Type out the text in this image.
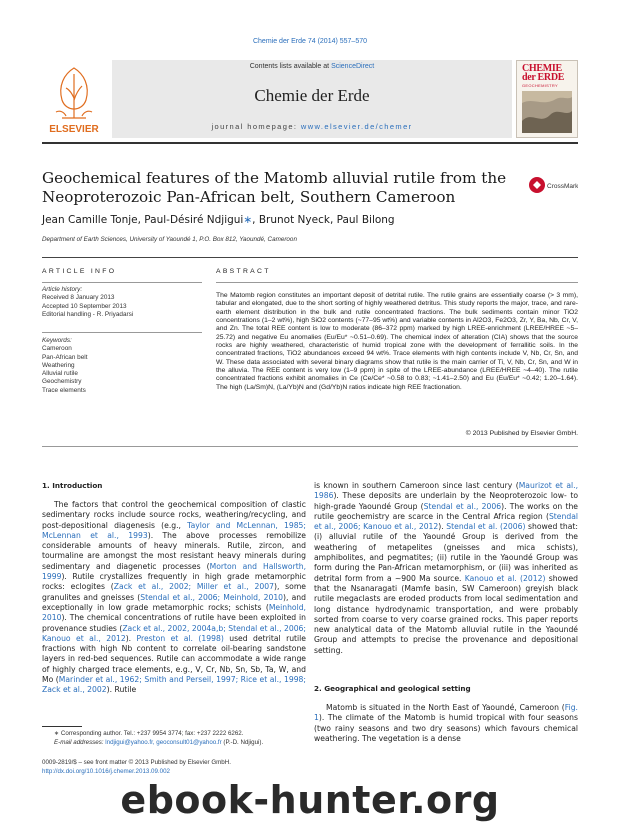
Chemie der Erde 74 (2014) 557–570
ELSEVIER
Contents lists available at ScienceDirect
Chemie der Erde
journal homepage: www.elsevier.de/chemer
CHEMIE
der ERDE
GEOCHEMISTRY
Geochemical features of the Matomb alluvial rutile from the Neoproterozoic Pan-African belt, Southern Cameroon
CrossMark
Jean Camille Tonje, Paul-Désiré Ndjigui∗, Brunot Nyeck, Paul Bilong
Department of Earth Sciences, University of Yaoundé 1, P.O. Box 812, Yaoundé, Cameroon
ARTICLE INFO
Article history:
Received 8 January 2013
Accepted 10 September 2013
Editorial handling - R. Priyadarsi
Keywords:
Cameroon
Pan-African belt
Weathering
Alluvial rutile
Geochemistry
Trace elements
ABSTRACT
The Matomb region constitutes an important deposit of detrital rutile. The rutile grains are essentially coarse (> 3 mm), tabular and elongated, due to the short sorting of highly weathered detritus. This study reports the major, trace, and rare-earth element distribution in the bulk and rutile concentrated fractions. The bulk sediments contain minor TiO2 concentrations (1–2 wt%), high SiO2 contents (~77–95 wt%) and variable contents in Al2O3, Fe2O3, Zr, Y, Ba, Nb, Cr, V, and Zn. The total REE content is low to moderate (86–372 ppm) marked by high LREE-enrichment (LREE/HREE ~5–25.72) and negative Eu anomalies (Eu/Eu* ~0.51–0.69). The chemical index of alteration (CIA) shows that the source rocks are highly weathered, characteristic of humid tropical zone with the development of ferrallitic soils. In the concentrated fractions, TiO2 abundances exceed 94 wt%. Trace elements with high contents include V, Nb, Cr, Sn, and W. These data associated with several binary diagrams show that rutile is the main carrier of Ti, V, Nb, Cr, Sn, and W in the alluvia. The REE content is very low (1–9 ppm) in spite of the LREE-abundance (LREE/HREE ~4–40). The rutile concentrated fractions exhibit anomalies in Ce (Ce/Ce* ~0.58 to 0.83; ~1.41–2.50) and Eu (Eu/Eu* ~0.42; 1.20–1.64). The high (La/Sm)N, (La/Yb)N and (Gd/Yb)N ratios indicate high REE fractionation.
© 2013 Published by Elsevier GmbH.
1. Introduction

The factors that control the geochemical composition of clastic sedimentary rocks include source rocks, weathering/recycling, and post-depositional diagenesis (e.g., Taylor and McLennan, 1985; McLennan et al., 1993). The above processes remobilize considerable amounts of heavy minerals. Rutile, zircon, and tourmaline are amongst the most resistant heavy minerals during sedimentary and diagenetic processes (Morton and Hallsworth, 1999). Rutile crystallizes frequently in high grade metamorphic rocks: eclogites (Zack et al., 2002; Miller et al., 2007), some granulites and gneisses (Stendal et al., 2006; Meinhold, 2010), and exceptionally in low grade metamorphic rocks; schists (Meinhold, 2010). The chemical concentrations of rutile have been exploited in provenance studies (Zack et al., 2002, 2004a,b; Stendal et al., 2006; Kanouo et al., 2012). Preston et al. (1998) used detrital rutile fractions with high Nb content to correlate oil-bearing sandstone layers in red-bed sequences. Rutile can accommodate a wide range of highly charged trace elements, e.g., V, Cr, Nb, Sn, Sb, Ta, W, and Mo (Marinder et al., 1962; Smith and Perseil, 1997; Rice et al., 1998; Zack et al., 2002). Rutile

is known in southern Cameroon since last century (Maurizot et al., 1986). These deposits are underlain by the Neoproterozoic low- to high-grade Yaoundé Group (Stendal et al., 2006). The works on the rutile geochemistry are scarce in the Central Africa region (Stendal et al., 2006; Kanouo et al., 2012). Stendal et al. (2006) showed that: (i) alluvial rutile of the Yaoundé Group is derived from the weathering of metapelites (gneisses and mica schists), amphibolites, and pegmatites; (ii) rutile in the Yaoundé Group was form during the Pan-African metamorphism, or (iii) was inherited as detrital form from a ~900 Ma source. Kanouo et al. (2012) showed that the Nsanaragati (Mamfe basin, SW Cameroon) greyish black rutile megaclasts are eroded products from local sedimentation and long distance hydrodynamic transportation, and were probably sorted from coarse to very coarse grained rocks. This paper reports new analytical data of the Matomb alluvial rutile in the Yaoundé Group and attempts to precise the provenance and depositional setting.

2. Geographical and geological setting

Matomb is situated in the North East of Yaoundé, Cameroon (Fig. 1). The climate of the Matomb is humid tropical with four seasons (two rainy seasons and two dry seasons) which favours chemical weathering. The vegetation is a dense

∗ Corresponding author. Tel.: +237 9954 3774; fax: +237 2222 6262.
E-mail addresses: lndjigui@yahoo.fr, geoconsult01@yahoo.fr (P.-D. Ndjigui).
0009-2819/$ – see front matter © 2013 Published by Elsevier GmbH.
http://dx.doi.org/10.1016/j.chemer.2013.09.002
ebook-hunter.org
